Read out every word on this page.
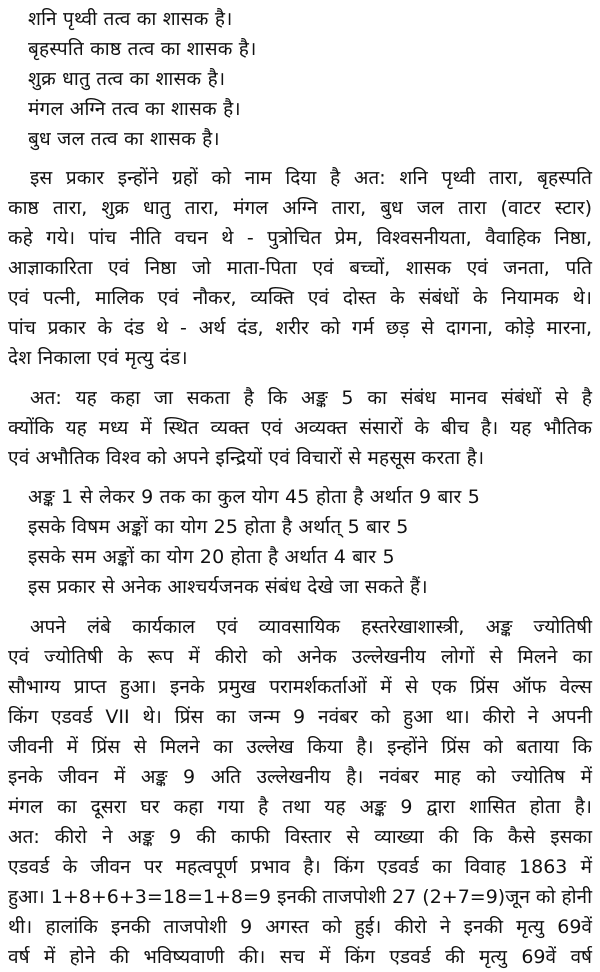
शनि पृथ्वी तत्व का शासक है।
बृहस्पति काष्ठ तत्व का शासक है।
शुक्र धातु तत्व का शासक है।
मंगल अग्नि तत्व का शासक है।
बुध जल तत्व का शासक है।
इस प्रकार इन्होंने ग्रहों को नाम दिया है अत: शनि पृथ्वी तारा, बृहस्पति
काष्ठ तारा, शुक्र धातु तारा, मंगल अग्नि तारा, बुध जल तारा (वाटर स्टार)
कहे गये। पांच नीति वचन थे - पुत्रोचित प्रेम, विश्वसनीयता, वैवाहिक निष्ठा,
आज्ञाकारिता एवं निष्ठा जो माता-पिता एवं बच्चों, शासक एवं जनता, पति
एवं पत्नी, मालिक एवं नौकर, व्यक्ति एवं दोस्त के संबंधों के नियामक थे।
पांच प्रकार के दंड थे - अर्थ दंड, शरीर को गर्म छड़ से दागना, कोड़े मारना,
देश निकाला एवं मृत्यु दंड।
अत: यह कहा जा सकता है कि अङ्क 5 का संबंध मानव संबंधों से है
क्योंकि यह मध्य में स्थित व्यक्त एवं अव्यक्त संसारों के बीच है। यह भौतिक
एवं अभौतिक विश्व को अपने इन्द्रियों एवं विचारों से महसूस करता है।
अङ्क 1 से लेकर 9 तक का कुल योग 45 होता है अर्थात 9 बार 5
इसके विषम अङ्कों का योग 25 होता है अर्थात् 5 बार 5
इसके सम अङ्कों का योग 20 होता है अर्थात 4 बार 5
इस प्रकार से अनेक आश्चर्यजनक संबंध देखे जा सकते हैं।
अपने लंबे कार्यकाल एवं व्यावसायिक हस्तरेखाशास्त्री, अङ्क ज्योतिषी
एवं ज्योतिषी के रूप में कीरो को अनेक उल्लेखनीय लोगों से मिलने का
सौभाग्य प्राप्त हुआ। इनके प्रमुख परामर्शकर्ताओं में से एक प्रिंस ऑफ वेल्स
किंग एडवर्ड VII थे। प्रिंस का जन्म 9 नवंबर को हुआ था। कीरो ने अपनी
जीवनी में प्रिंस से मिलने का उल्लेख किया है। इन्होंने प्रिंस को बताया कि
इनके जीवन में अङ्क 9 अति उल्लेखनीय है। नवंबर माह को ज्योतिष में
मंगल का दूसरा घर कहा गया है तथा यह अङ्क 9 द्वारा शासित होता है।
अत: कीरो ने अङ्क 9 की काफी विस्तार से व्याख्या की कि कैसे इसका
एडवर्ड के जीवन पर महत्वपूर्ण प्रभाव है। किंग एडवर्ड का विवाह 1863 में
हुआ। 1+8+6+3=18=1+8=9 इनकी ताजपोशी 27 (2+7=9)जून को होनी
थी। हालांकि इनकी ताजपोशी 9 अगस्त को हुई। कीरो ने इनकी मृत्यु 69वें
वर्ष में होने की भविष्यवाणी की। सच में किंग एडवर्ड की मृत्यु 69वें वर्ष
